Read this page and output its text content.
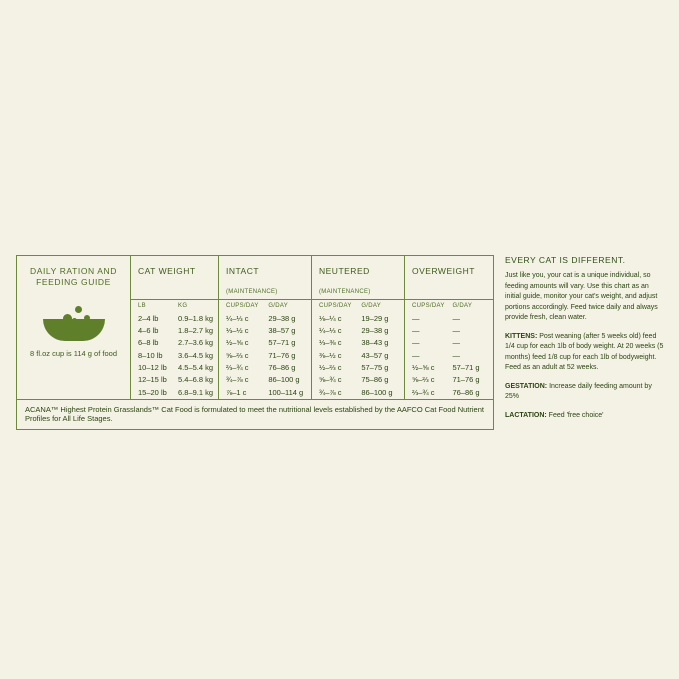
DAILY RATION AND FEEDING GUIDE
8 fl.oz cup is 114 g of food
CAT WEIGHT	INTACT
(MAINTENANCE)
NEUTERED
(MAINTENANCE)
OVERWEIGHT
LB	KG	CUPS/DAY	G/DAY	CUPS/DAY	G/DAY	CUPS/DAY	G/DAY
2–4 lb	0.9–1.8 kg	¼–⅓ c	29–38 g	⅛–¼ c	19–29 g	—	—
4–6 lb	1.8–2.7 kg	⅓–½ c	38–57 g	¼–⅓ c	29–38 g	—	—
6–8 lb	2.7–3.6 kg	½–⅝ c	57–71 g	⅓–⅜ c	38–43 g	—	—
8–10 lb	3.6–4.5 kg	⅝–⅔ c	71–76 g	⅜–½ c	43–57 g	—	—
10–12 lb	4.5–5.4 kg	⅔–¾ c	76–86 g	½–⅔ c	57–75 g	½–⅝ c	57–71 g
12–15 lb	5.4–6.8 kg	¾–⅞ c	86–100 g	⅝–¾ c	75–86 g	⅝–⅔ c	71–76 g
15–20 lb	6.8–9.1 kg	⅞–1 c	100–114 g	¾–⅞ c	86–100 g	⅔–¾ c	76–86 g
ACANA™ Highest Protein Grasslands™ Cat Food is formulated to meet the nutritional levels established by the AAFCO Cat Food Nutrient Profiles for All Life Stages.
EVERY CAT IS DIFFERENT.
Just like you, your cat is a unique individual, so feeding amounts will vary. Use this chart as an initial guide, monitor your cat's weight, and adjust portions accordingly. Feed twice daily and always provide fresh, clean water.
KITTENS: Post weaning (after 5 weeks old) feed 1/4 cup for each 1lb of body weight. At 20 weeks (5 months) feed 1/8 cup for each 1lb of bodyweight. Feed as an adult at 52 weeks.
GESTATION: Increase daily feeding amount by 25%
LACTATION: Feed 'free choice'
